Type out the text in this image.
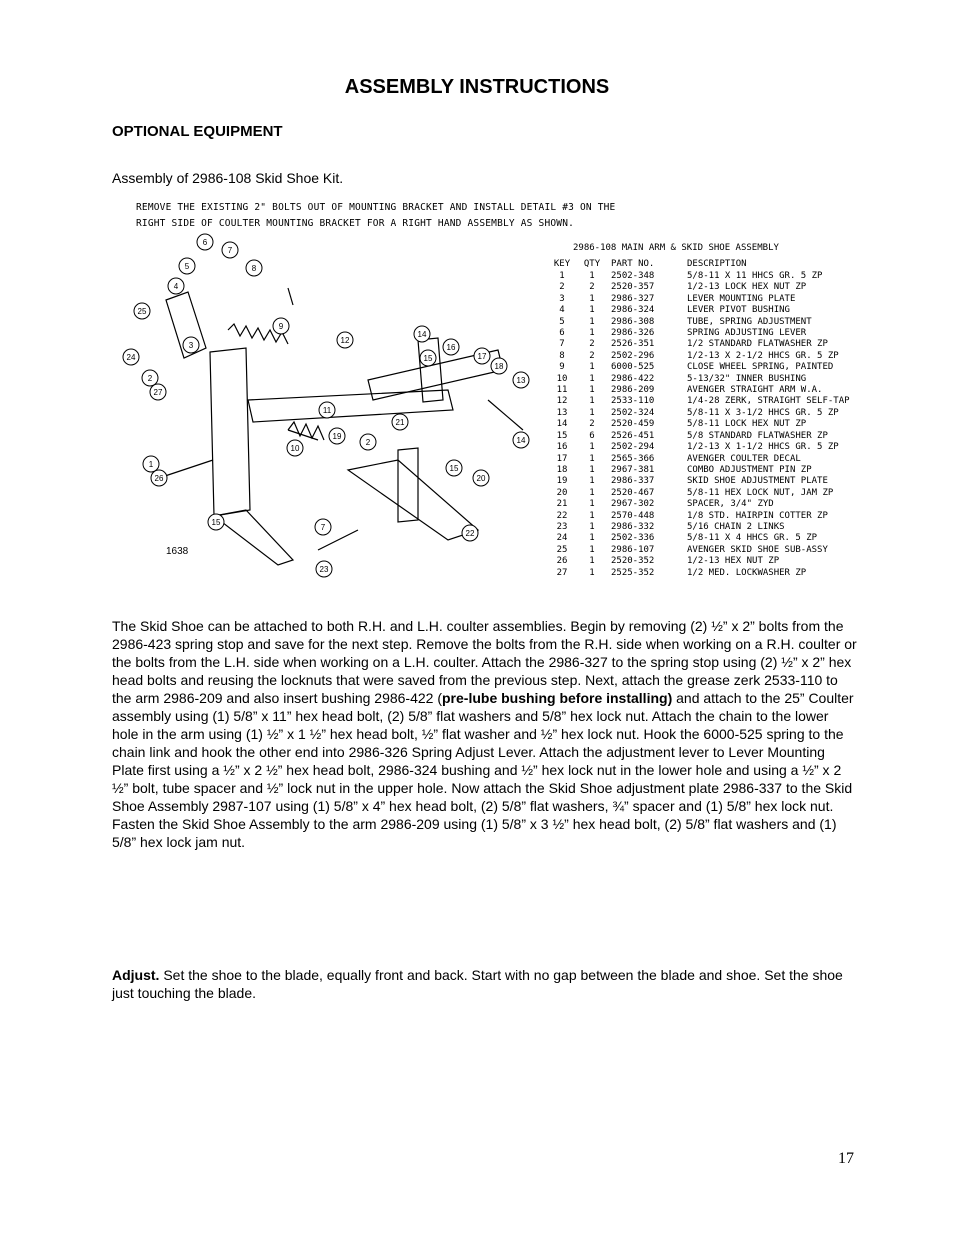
ASSEMBLY INSTRUCTIONS
OPTIONAL EQUIPMENT
Assembly of 2986-108 Skid Shoe Kit.
REMOVE THE EXISTING 2" BOLTS OUT OF MOUNTING BRACKET AND INSTALL DETAIL #3 ON THE
RIGHT SIDE OF COULTER MOUNTING BRACKET FOR A RIGHT HAND ASSEMBLY AS SHOWN.
1
2
3
4
5
6
7
8
9
10
11
12
13
14
14
15
15
15
16
17
18
19
2
7
20
21
22
23
24
25
26
27
1638
2986-108 MAIN ARM & SKID SHOE ASSEMBLY
KEY	QTY	PART NO.	DESCRIPTION
1	1	2502-348	5/8-11 X 11 HHCS GR. 5 ZP
2	2	2520-357	1/2-13 LOCK HEX NUT ZP
3	1	2986-327	LEVER MOUNTING PLATE
4	1	2986-324	LEVER PIVOT BUSHING
5	1	2986-308	TUBE, SPRING ADJUSTMENT
6	1	2986-326	SPRING ADJUSTING LEVER
7	2	2526-351	1/2 STANDARD FLATWASHER ZP
8	2	2502-296	1/2-13 X 2-1/2 HHCS GR. 5 ZP
9	1	6000-525	CLOSE WHEEL SPRING, PAINTED
10	1	2986-422	5-13/32" INNER BUSHING
11	1	2986-209	AVENGER STRAIGHT ARM W.A.
12	1	2533-110	1/4-28 ZERK, STRAIGHT SELF-TAP
13	1	2502-324	5/8-11 X 3-1/2 HHCS GR. 5 ZP
14	2	2520-459	5/8-11 LOCK HEX NUT ZP
15	6	2526-451	5/8 STANDARD FLATWASHER ZP
16	1	2502-294	1/2-13 X 1-1/2 HHCS GR. 5 ZP
17	1	2565-366	AVENGER COULTER DECAL
18	1	2967-381	COMBO ADJUSTMENT PIN ZP
19	1	2986-337	SKID SHOE ADJUSTMENT PLATE
20	1	2520-467	5/8-11 HEX LOCK NUT, JAM ZP
21	1	2967-302	SPACER, 3/4" ZYD
22	1	2570-448	1/8 STD. HAIRPIN COTTER ZP
23	1	2986-332	5/16 CHAIN 2 LINKS
24	1	2502-336	5/8-11 X 4 HHCS GR. 5 ZP
25	1	2986-107	AVENGER SKID SHOE SUB-ASSY
26	1	2520-352	1/2-13 HEX NUT ZP
27	1	2525-352	1/2 MED. LOCKWASHER ZP
The Skid Shoe can be attached to both R.H. and L.H. coulter assemblies. Begin by removing (2) ½” x 2” bolts from the 2986-423 spring stop and save for the next step. Remove the bolts from the R.H. side when working on a R.H. coulter or the bolts from the L.H. side when working on a L.H. coulter. Attach the 2986-327 to the spring stop using (2) ½” x 2” hex head bolts and reusing the locknuts that were saved from the previous step. Next, attach the grease zerk 2533-110 to the arm 2986-209 and also insert bushing 2986-422 (pre-lube bushing before installing) and attach to the 25” Coulter assembly using (1) 5/8” x 11” hex head bolt, (2) 5/8” flat washers and 5/8” hex lock nut. Attach the chain to the lower hole in the arm using (1) ½” x 1 ½” hex head bolt, ½” flat washer and ½” hex lock nut. Hook the 6000-525 spring to the chain link and hook the other end into 2986-326 Spring Adjust Lever. Attach the adjustment lever to Lever Mounting Plate first using a ½” x 2 ½” hex head bolt, 2986-324 bushing and ½” hex lock nut in the lower hole and using a ½” x 2 ½” bolt, tube spacer and ½” lock nut in the upper hole. Now attach the Skid Shoe adjustment plate 2986-337 to the Skid Shoe Assembly 2987-107 using (1) 5/8” x 4” hex head bolt, (2) 5/8” flat washers, ¾” spacer and (1) 5/8” hex lock nut. Fasten the Skid Shoe Assembly to the arm 2986-209 using (1) 5/8” x 3 ½” hex head bolt, (2) 5/8” flat washers and (1) 5/8” hex lock jam nut.
Adjust. Set the shoe to the blade, equally front and back. Start with no gap between the blade and shoe. Set the shoe just touching the blade.
17
